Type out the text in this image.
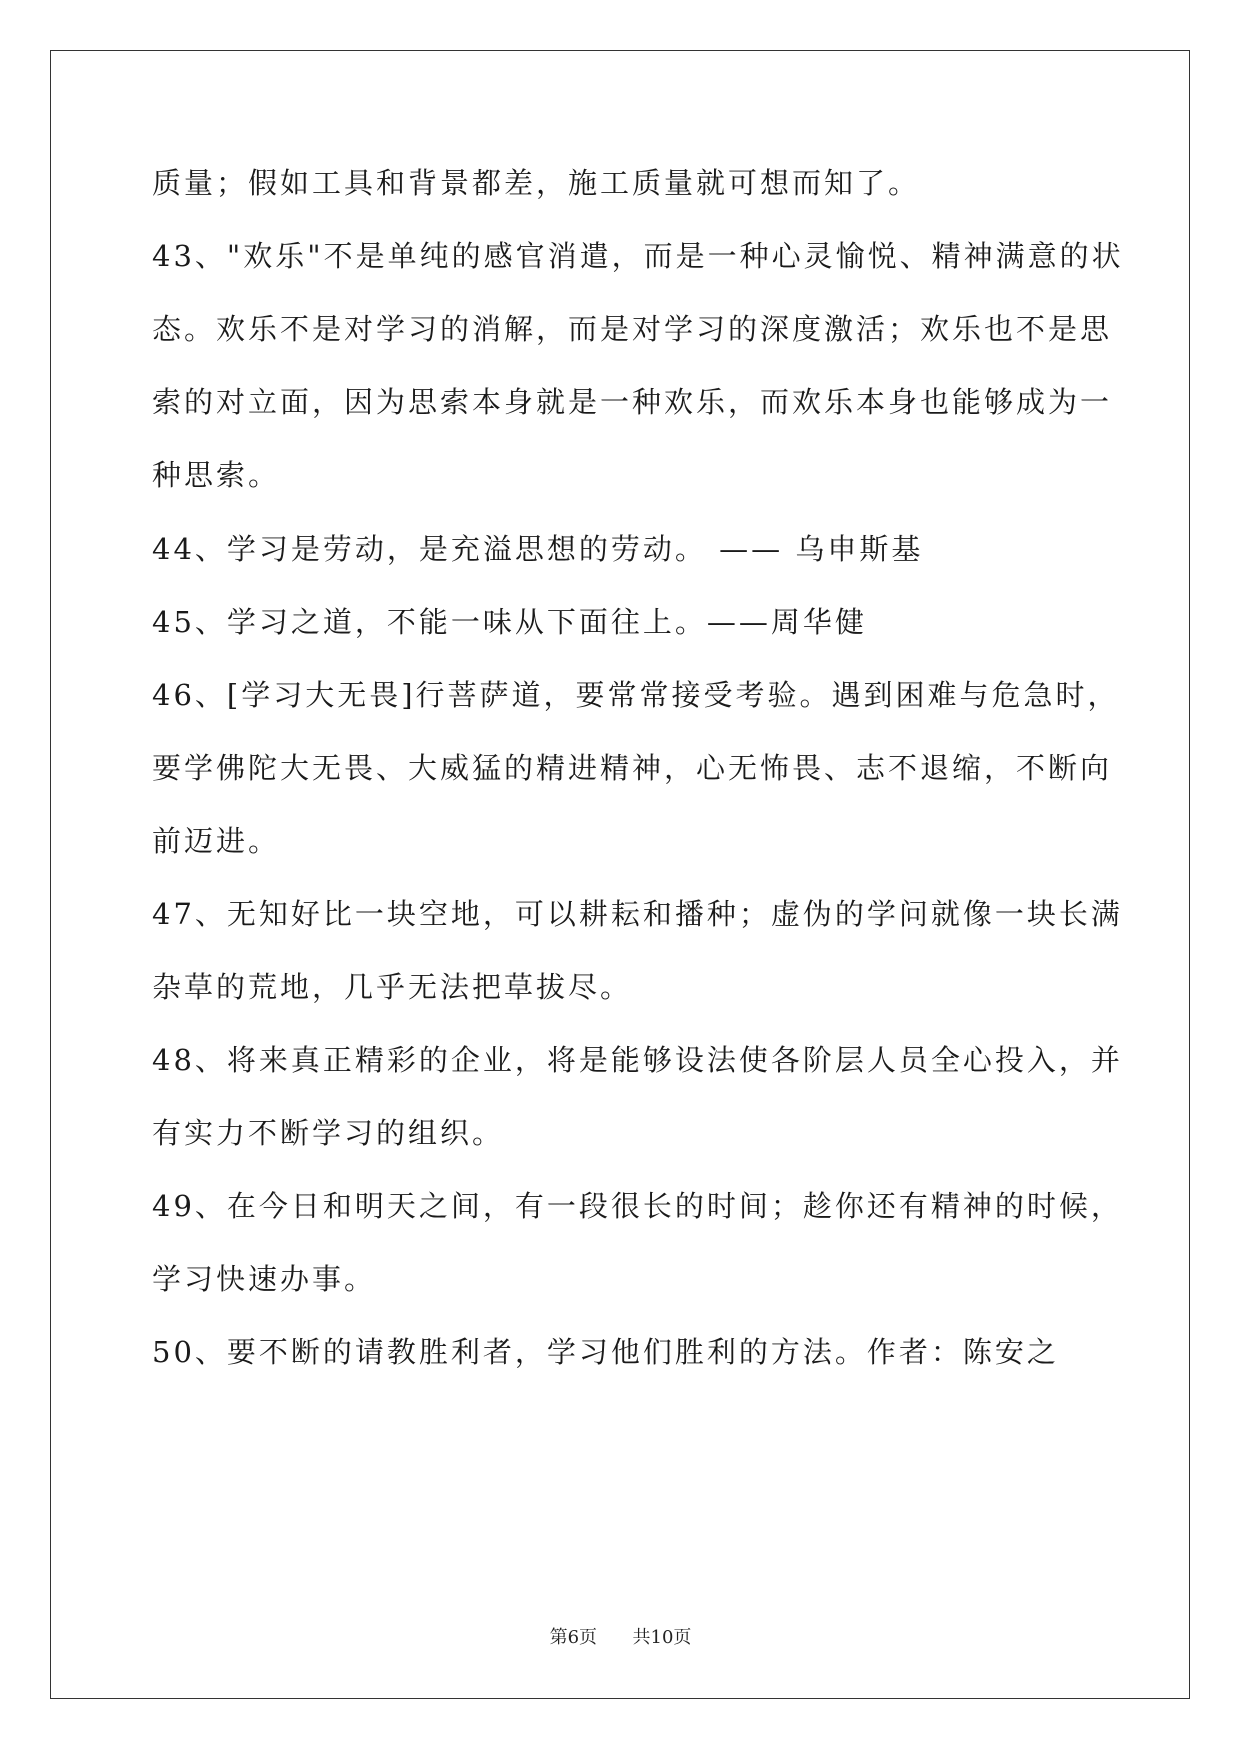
质量；假如工具和背景都差，施工质量就可想而知了。
43、"欢乐"不是单纯的感官消遣，而是一种心灵愉悦、精神满意的状
态。欢乐不是对学习的消解，而是对学习的深度激活；欢乐也不是思
索的对立面，因为思索本身就是一种欢乐，而欢乐本身也能够成为一
种思索。
44、学习是劳动，是充溢思想的劳动。 —— 乌申斯基
45、学习之道，不能一味从下面往上。——周华健
46、[学习大无畏]行菩萨道，要常常接受考验。遇到困难与危急时，
要学佛陀大无畏、大威猛的精进精神，心无怖畏、志不退缩，不断向
前迈进。
47、无知好比一块空地，可以耕耘和播种；虚伪的学问就像一块长满
杂草的荒地，几乎无法把草拔尽。
48、将来真正精彩的企业，将是能够设法使各阶层人员全心投入，并
有实力不断学习的组织。
49、在今日和明天之间，有一段很长的时间；趁你还有精神的时候，
学习快速办事。
50、要不断的请教胜利者，学习他们胜利的方法。作者：陈安之
第6页 共10页
